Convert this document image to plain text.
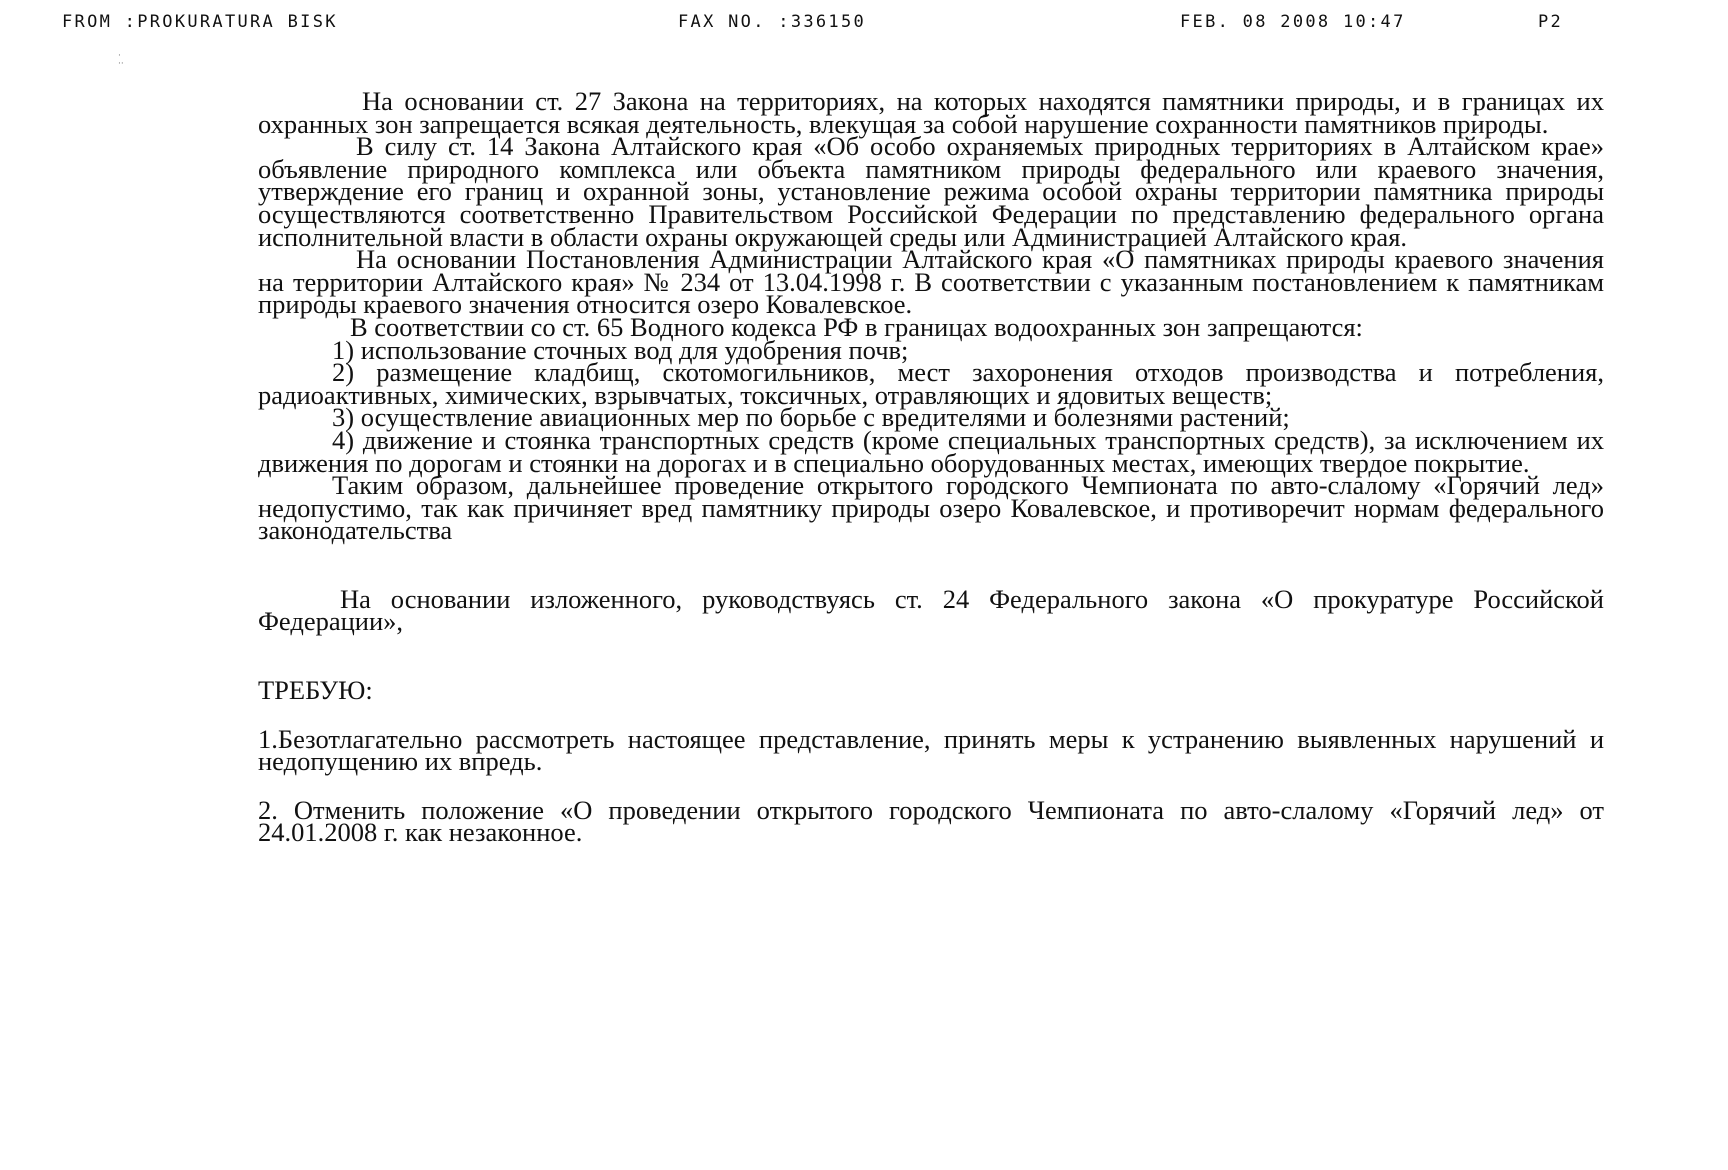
FROM :PROKURATURA BISK

	FAX NO. :336150

	FEB. 08 2008 10:47

	P2

·
··

На основании ст. 27 Закона на территориях, на которых находятся памятники природы, и в границах их охранных зон запрещается всякая деятельность, влекущая за собой нарушение сохранности памятников природы.

В силу ст. 14 Закона Алтайского края «Об особо охраняемых природных территориях в Алтайском крае» объявление природного комплекса или объекта памятником природы федерального или краевого значения, утверждение его границ и охранной зоны, установление режима особой охраны территории памятника природы осуществляются соответственно Правительством Российской Федерации по представлению федерального органа исполнительной власти в области охраны окружающей среды или Администрацией Алтайского края.

На основании Постановления Администрации Алтайского края «О памятниках природы краевого значения на территории Алтайского края» № 234 от 13.04.1998 г. В соответствии с указанным постановлением к памятникам природы краевого значения относится озеро Ковалевское.

В соответствии со ст. 65 Водного кодекса РФ в границах водоохранных зон запрещаются:

1) использование сточных вод для удобрения почв;

2) размещение кладбищ, скотомогильников, мест захоронения отходов производства и потребления, радиоактивных, химических, взрывчатых, токсичных, отравляющих и ядовитых веществ;

3) осуществление авиационных мер по борьбе с вредителями и болезнями растений;

4) движение и стоянка транспортных средств (кроме специальных транспортных средств), за исключением их движения по дорогам и стоянки на дорогах и в специально оборудованных местах, имеющих твердое покрытие.

Таким образом, дальнейшее проведение открытого городского Чемпионата по авто-слалому «Горячий лед» недопустимо, так как причиняет вред памятнику природы озеро Ковалевское, и противоречит нормам федерального законодательства

На основании изложенного, руководствуясь ст. 24 Федерального закона «О прокуратуре Российской Федерации»,

ТРЕБУЮ:

1.Безотлагательно рассмотреть настоящее представление, принять меры к устранению выявленных нарушений и недопущению их впредь.

2. Отменить положение «О проведении открытого городского Чемпионата по авто-слалому «Горячий лед» от 24.01.2008 г. как незаконное.
